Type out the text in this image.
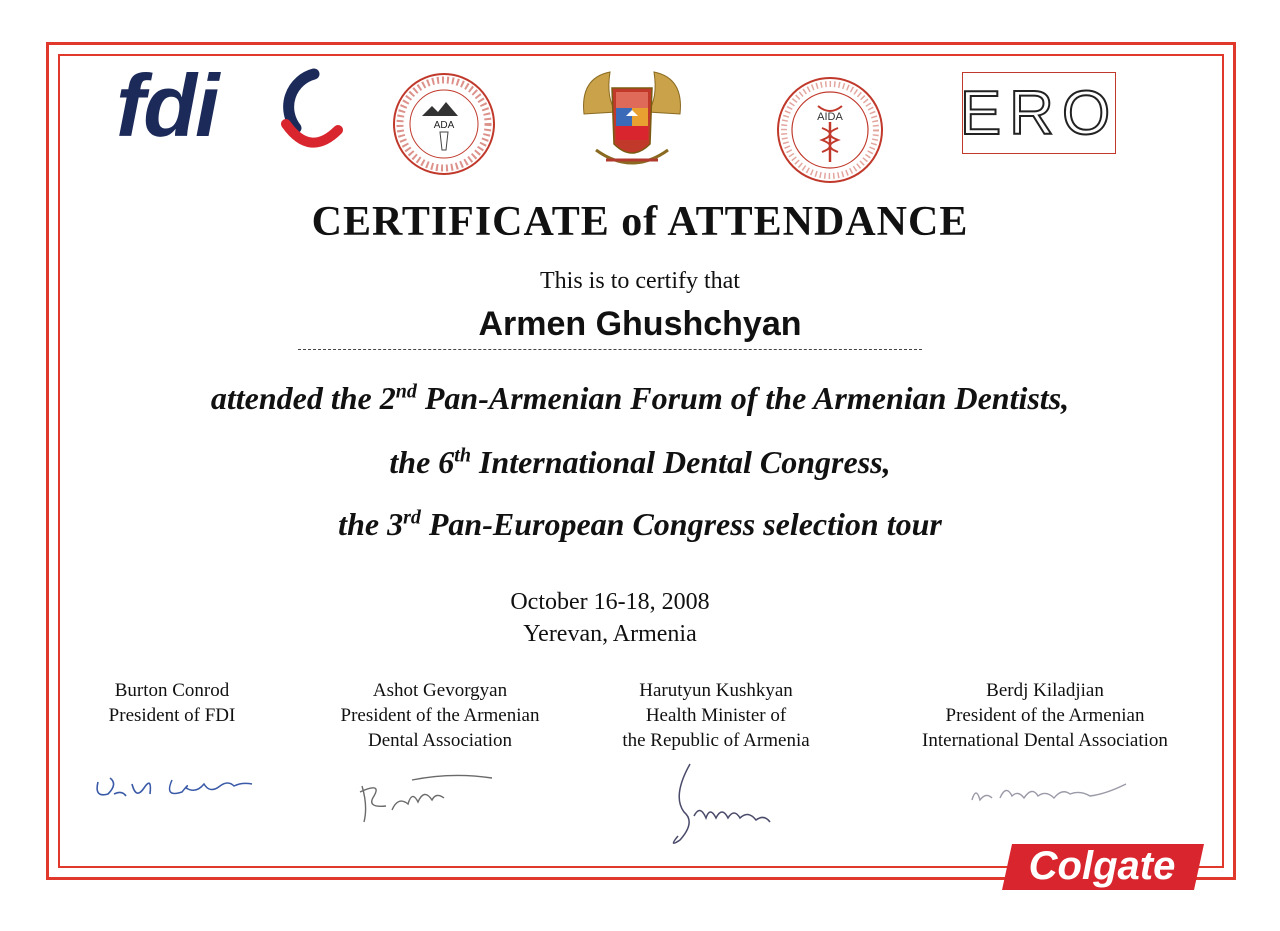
fdi	ADA
AIDA ERO
CERTIFICATE of ATTENDANCE
This is to certify that
Armen Ghushchyan
attended the 2nd Pan-Armenian Forum of the Armenian Dentists,
the 6th International Dental Congress,
the 3rd Pan-European Congress selection tour
October 16-18, 2008
Yerevan, Armenia
Burton Conrod
President of FDI
Ashot Gevorgyan
President of the Armenian
Dental Association
Harutyun Kushkyan
Health Minister of
the Republic of Armenia
Berdj Kiladjian
President of the Armenian
International Dental Association
Colgate
